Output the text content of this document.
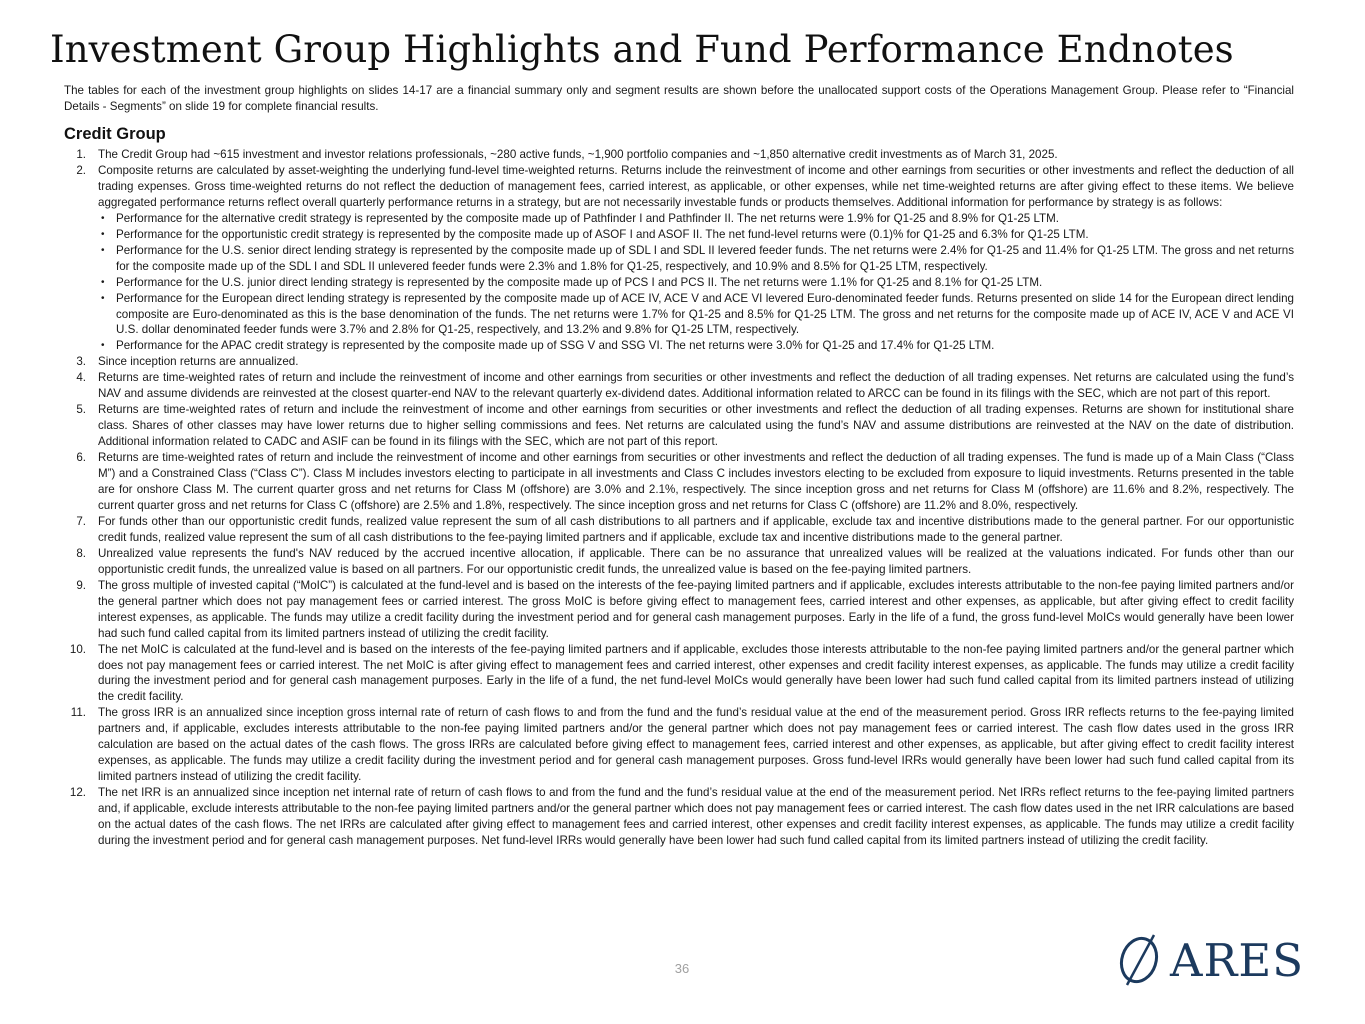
Investment Group Highlights and Fund Performance Endnotes

The tables for each of the investment group highlights on slides 14-17 are a financial summary only and segment results are shown before the unallocated support costs of the Operations Management Group. Please refer to “Financial Details - Segments” on slide 19 for complete financial results.

Credit Group
1. The Credit Group had ~615 investment and investor relations professionals, ~280 active funds, ~1,900 portfolio companies and ~1,850 alternative credit investments as of March 31, 2025.
2. Composite returns are calculated by asset-weighting the underlying fund-level time-weighted returns. Returns include the reinvestment of income and other earnings from securities or other investments and reflect the deduction of all trading expenses. Gross time-weighted returns do not reflect the deduction of management fees, carried interest, as applicable, or other expenses, while net time-weighted returns are after giving effect to these items. We believe aggregated performance returns reflect overall quarterly performance returns in a strategy, but are not necessarily investable funds or products themselves. Additional information for performance by strategy is as follows:
• Performance for the alternative credit strategy is represented by the composite made up of Pathfinder I and Pathfinder II. The net returns were 1.9% for Q1-25 and 8.9% for Q1-25 LTM.
• Performance for the opportunistic credit strategy is represented by the composite made up of ASOF I and ASOF II. The net fund-level returns were (0.1)% for Q1-25 and 6.3% for Q1-25 LTM.
• Performance for the U.S. senior direct lending strategy is represented by the composite made up of SDL I and SDL II levered feeder funds. The net returns were 2.4% for Q1-25 and 11.4% for Q1-25 LTM. The gross and net returns for the composite made up of the SDL I and SDL II unlevered feeder funds were 2.3% and 1.8% for Q1-25, respectively, and 10.9% and 8.5% for Q1-25 LTM, respectively.
• Performance for the U.S. junior direct lending strategy is represented by the composite made up of PCS I and PCS II. The net returns were 1.1% for Q1-25 and 8.1% for Q1-25 LTM.
• Performance for the European direct lending strategy is represented by the composite made up of ACE IV, ACE V and ACE VI levered Euro-denominated feeder funds. Returns presented on slide 14 for the European direct lending composite are Euro-denominated as this is the base denomination of the funds. The net returns were 1.7% for Q1-25 and 8.5% for Q1-25 LTM. The gross and net returns for the composite made up of ACE IV, ACE V and ACE VI U.S. dollar denominated feeder funds were 3.7% and 2.8% for Q1-25, respectively, and 13.2% and 9.8% for Q1-25 LTM, respectively.
• Performance for the APAC credit strategy is represented by the composite made up of SSG V and SSG VI. The net returns were 3.0% for Q1-25 and 17.4% for Q1-25 LTM.
3. Since inception returns are annualized.
4. Returns are time-weighted rates of return and include the reinvestment of income and other earnings from securities or other investments and reflect the deduction of all trading expenses. Net returns are calculated using the fund’s NAV and assume dividends are reinvested at the closest quarter-end NAV to the relevant quarterly ex-dividend dates. Additional information related to ARCC can be found in its filings with the SEC, which are not part of this report.
5. Returns are time-weighted rates of return and include the reinvestment of income and other earnings from securities or other investments and reflect the deduction of all trading expenses. Returns are shown for institutional share class. Shares of other classes may have lower returns due to higher selling commissions and fees. Net returns are calculated using the fund’s NAV and assume distributions are reinvested at the NAV on the date of distribution. Additional information related to CADC and ASIF can be found in its filings with the SEC, which are not part of this report.
6. Returns are time-weighted rates of return and include the reinvestment of income and other earnings from securities or other investments and reflect the deduction of all trading expenses. The fund is made up of a Main Class (“Class M”) and a Constrained Class (“Class C”). Class M includes investors electing to participate in all investments and Class C includes investors electing to be excluded from exposure to liquid investments. Returns presented in the table are for onshore Class M. The current quarter gross and net returns for Class M (offshore) are 3.0% and 2.1%, respectively. The since inception gross and net returns for Class M (offshore) are 11.6% and 8.2%, respectively. The current quarter gross and net returns for Class C (offshore) are 2.5% and 1.8%, respectively. The since inception gross and net returns for Class C (offshore) are 11.2% and 8.0%, respectively.
7. For funds other than our opportunistic credit funds, realized value represent the sum of all cash distributions to all partners and if applicable, exclude tax and incentive distributions made to the general partner. For our opportunistic credit funds, realized value represent the sum of all cash distributions to the fee-paying limited partners and if applicable, exclude tax and incentive distributions made to the general partner.
8. Unrealized value represents the fund's NAV reduced by the accrued incentive allocation, if applicable. There can be no assurance that unrealized values will be realized at the valuations indicated. For funds other than our opportunistic credit funds, the unrealized value is based on all partners. For our opportunistic credit funds, the unrealized value is based on the fee-paying limited partners.
9. The gross multiple of invested capital (“MoIC”) is calculated at the fund-level and is based on the interests of the fee-paying limited partners and if applicable, excludes interests attributable to the non-fee paying limited partners and/or the general partner which does not pay management fees or carried interest. The gross MoIC is before giving effect to management fees, carried interest and other expenses, as applicable, but after giving effect to credit facility interest expenses, as applicable. The funds may utilize a credit facility during the investment period and for general cash management purposes. Early in the life of a fund, the gross fund-level MoICs would generally have been lower had such fund called capital from its limited partners instead of utilizing the credit facility.
10. The net MoIC is calculated at the fund-level and is based on the interests of the fee-paying limited partners and if applicable, excludes those interests attributable to the non-fee paying limited partners and/or the general partner which does not pay management fees or carried interest. The net MoIC is after giving effect to management fees and carried interest, other expenses and credit facility interest expenses, as applicable. The funds may utilize a credit facility during the investment period and for general cash management purposes. Early in the life of a fund, the net fund-level MoICs would generally have been lower had such fund called capital from its limited partners instead of utilizing the credit facility.
11. The gross IRR is an annualized since inception gross internal rate of return of cash flows to and from the fund and the fund’s residual value at the end of the measurement period. Gross IRR reflects returns to the fee-paying limited partners and, if applicable, excludes interests attributable to the non-fee paying limited partners and/or the general partner which does not pay management fees or carried interest. The cash flow dates used in the gross IRR calculation are based on the actual dates of the cash flows. The gross IRRs are calculated before giving effect to management fees, carried interest and other expenses, as applicable, but after giving effect to credit facility interest expenses, as applicable. The funds may utilize a credit facility during the investment period and for general cash management purposes. Gross fund-level IRRs would generally have been lower had such fund called capital from its limited partners instead of utilizing the credit facility.
12. The net IRR is an annualized since inception net internal rate of return of cash flows to and from the fund and the fund’s residual value at the end of the measurement period. Net IRRs reflect returns to the fee-paying limited partners and, if applicable, exclude interests attributable to the non-fee paying limited partners and/or the general partner which does not pay management fees or carried interest. The cash flow dates used in the net IRR calculations are based on the actual dates of the cash flows. The net IRRs are calculated after giving effect to management fees and carried interest, other expenses and credit facility interest expenses, as applicable. The funds may utilize a credit facility during the investment period and for general cash management purposes. Net fund-level IRRs would generally have been lower had such fund called capital from its limited partners instead of utilizing the credit facility.
36	ARES
